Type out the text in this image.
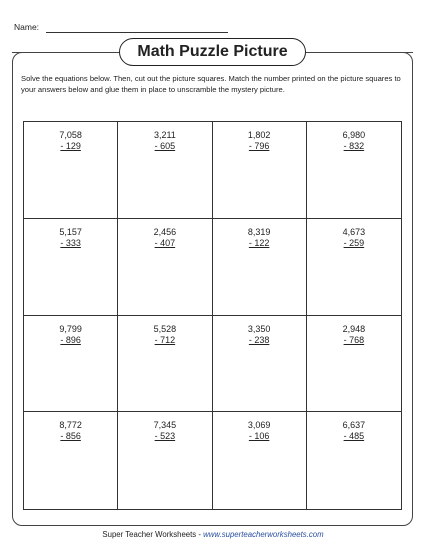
Name:
Math Puzzle Picture
Solve the equations below. Then, cut out the picture squares. Match the number printed on the picture squares to your answers below and glue them in place to unscramble the mystery picture.
7,058
- 129
3,211
- 605
1,802
- 796
6,980
- 832
5,157
- 333
2,456
- 407
8,319
- 122
4,673
- 259
9,799
- 896
5,528
- 712
3,350
- 238
2,948
- 768
8,772
- 856
7,345
- 523
3,069
- 106
6,637
- 485
Super Teacher Worksheets - www.superteacherworksheets.com
